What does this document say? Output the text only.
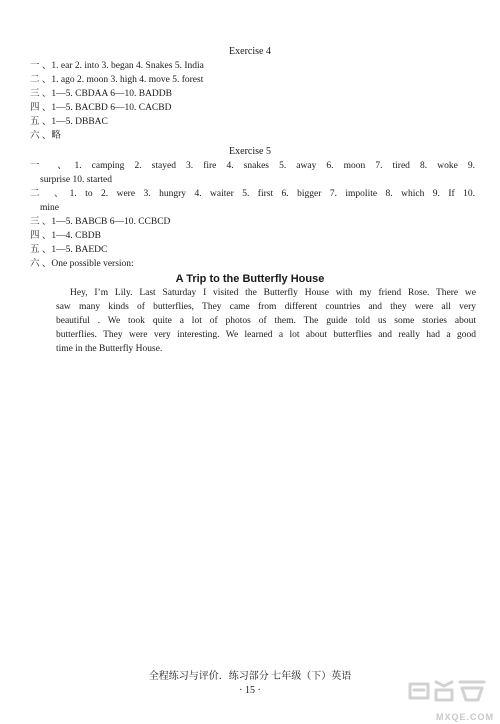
Exercise 4
一 、1. ear 2. into 3. began 4. Snakes 5. India
二 、1. ago 2. moon 3. high 4. move 5. forest
三 、1—5. CBDAA 6—10. BADDB
四 、1—5. BACBD 6—10. CACBD
五 、1—5. DBBAC
六 、略
Exercise 5
一 、1. camping 2. stayed 3. fire 4. snakes 5. away 6. moon 7. tired 8. woke 9.
surprise 10. started
二 、1. to 2. were 3. hungry 4. waiter 5. first 6. bigger 7. impolite 8. which 9. If 10.
mine
三 、1—5. BABCB 6—10. CCBCD
四 、1—4. CBDB
五 、1—5. BAEDC
六 、One possible version:
A Trip to the Butterfly House
Hey, I’m Lily. Last Saturday I visited the Butterfly House with my friend Rose. There we
saw many kinds of butterflies, They came from different countries and they were all very
beautiful . We took quite a lot of photos of them. The guide told us some stories about
butterflies. They were very interesting. We learned a lot about butterflies and really had a good
time in the Butterfly House.
全程练习与评价．练习部分 七年级（下）英语
· 15 ·
MXQE.COM
